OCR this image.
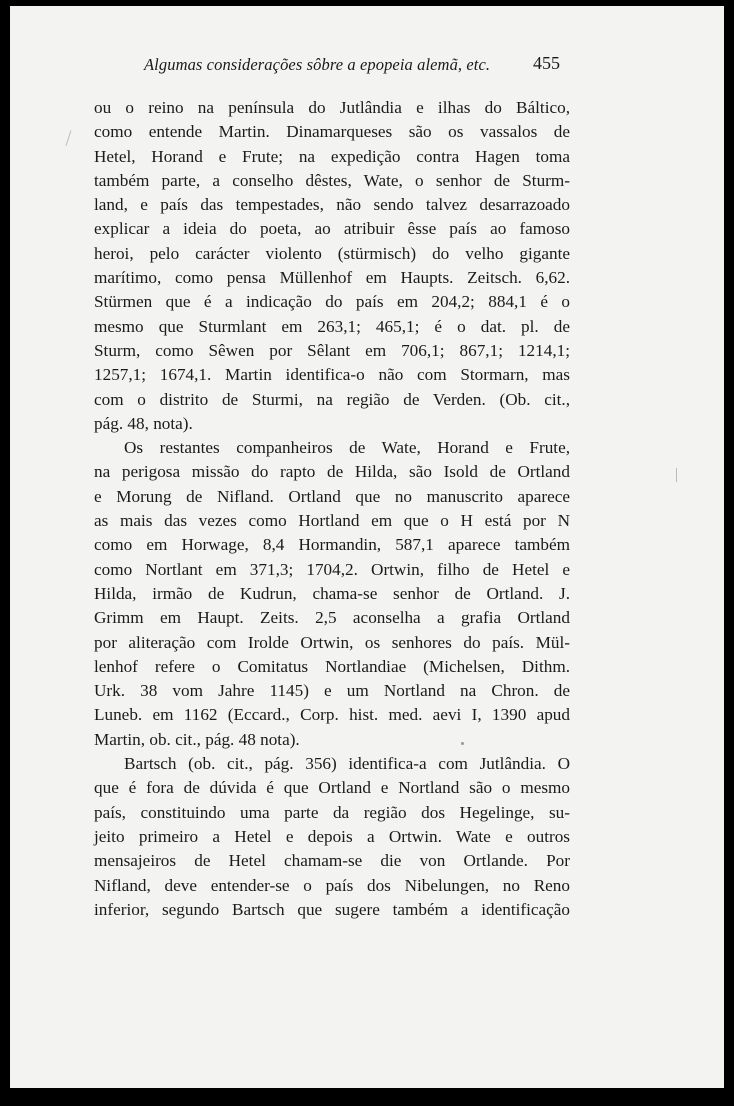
Algumas considerações sôbre a epopeia alemã, etc. 455
ou o reino na península do Jutlândia e ilhas do Báltico,
como entende Martin. Dinamarqueses são os vassalos de
Hetel, Horand e Frute; na expedição contra Hagen toma
também parte, a conselho dêstes, Wate, o senhor de Sturm-
land, e país das tempestades, não sendo talvez desarrazoado
explicar a ideia do poeta, ao atribuir êsse país ao famoso
heroi, pelo carácter violento (stürmisch) do velho gigante
marítimo, como pensa Müllenhof em Haupts. Zeitsch. 6,62.
Stürmen que é a indicação do país em 204,2; 884,1 é o
mesmo que Sturmlant em 263,1; 465,1; é o dat. pl. de
Sturm, como Sêwen por Sêlant em 706,1; 867,1; 1214,1;
1257,1; 1674,1. Martin identifica-o não com Stormarn, mas
com o distrito de Sturmi, na região de Verden. (Ob. cit.,
pág. 48, nota).
Os restantes companheiros de Wate, Horand e Frute,
na perigosa missão do rapto de Hilda, são Isold de Ortland
e Morung de Nifland. Ortland que no manuscrito aparece
as mais das vezes como Hortland em que o H está por N
como em Horwage, 8,4 Hormandin, 587,1 aparece também
como Nortlant em 371,3; 1704,2. Ortwin, filho de Hetel e
Hilda, irmão de Kudrun, chama-se senhor de Ortland. J.
Grimm em Haupt. Zeits. 2,5 aconselha a grafia Ortland
por aliteração com Irolde Ortwin, os senhores do país. Mül-
lenhof refere o Comitatus Nortlandiae (Michelsen, Dithm.
Urk. 38 vom Jahre 1145) e um Nortland na Chron. de
Luneb. em 1162 (Eccard., Corp. hist. med. aevi I, 1390 apud
Martin, ob. cit., pág. 48 nota).
Bartsch (ob. cit., pág. 356) identifica-a com Jutlândia. O
que é fora de dúvida é que Ortland e Nortland são o mesmo
país, constituindo uma parte da região dos Hegelinge, su-
jeito primeiro a Hetel e depois a Ortwin. Wate e outros
mensajeiros de Hetel chamam-se die von Ortlande. Por
Nifland, deve entender-se o país dos Nibelungen, no Reno
inferior, segundo Bartsch que sugere também a identificação
